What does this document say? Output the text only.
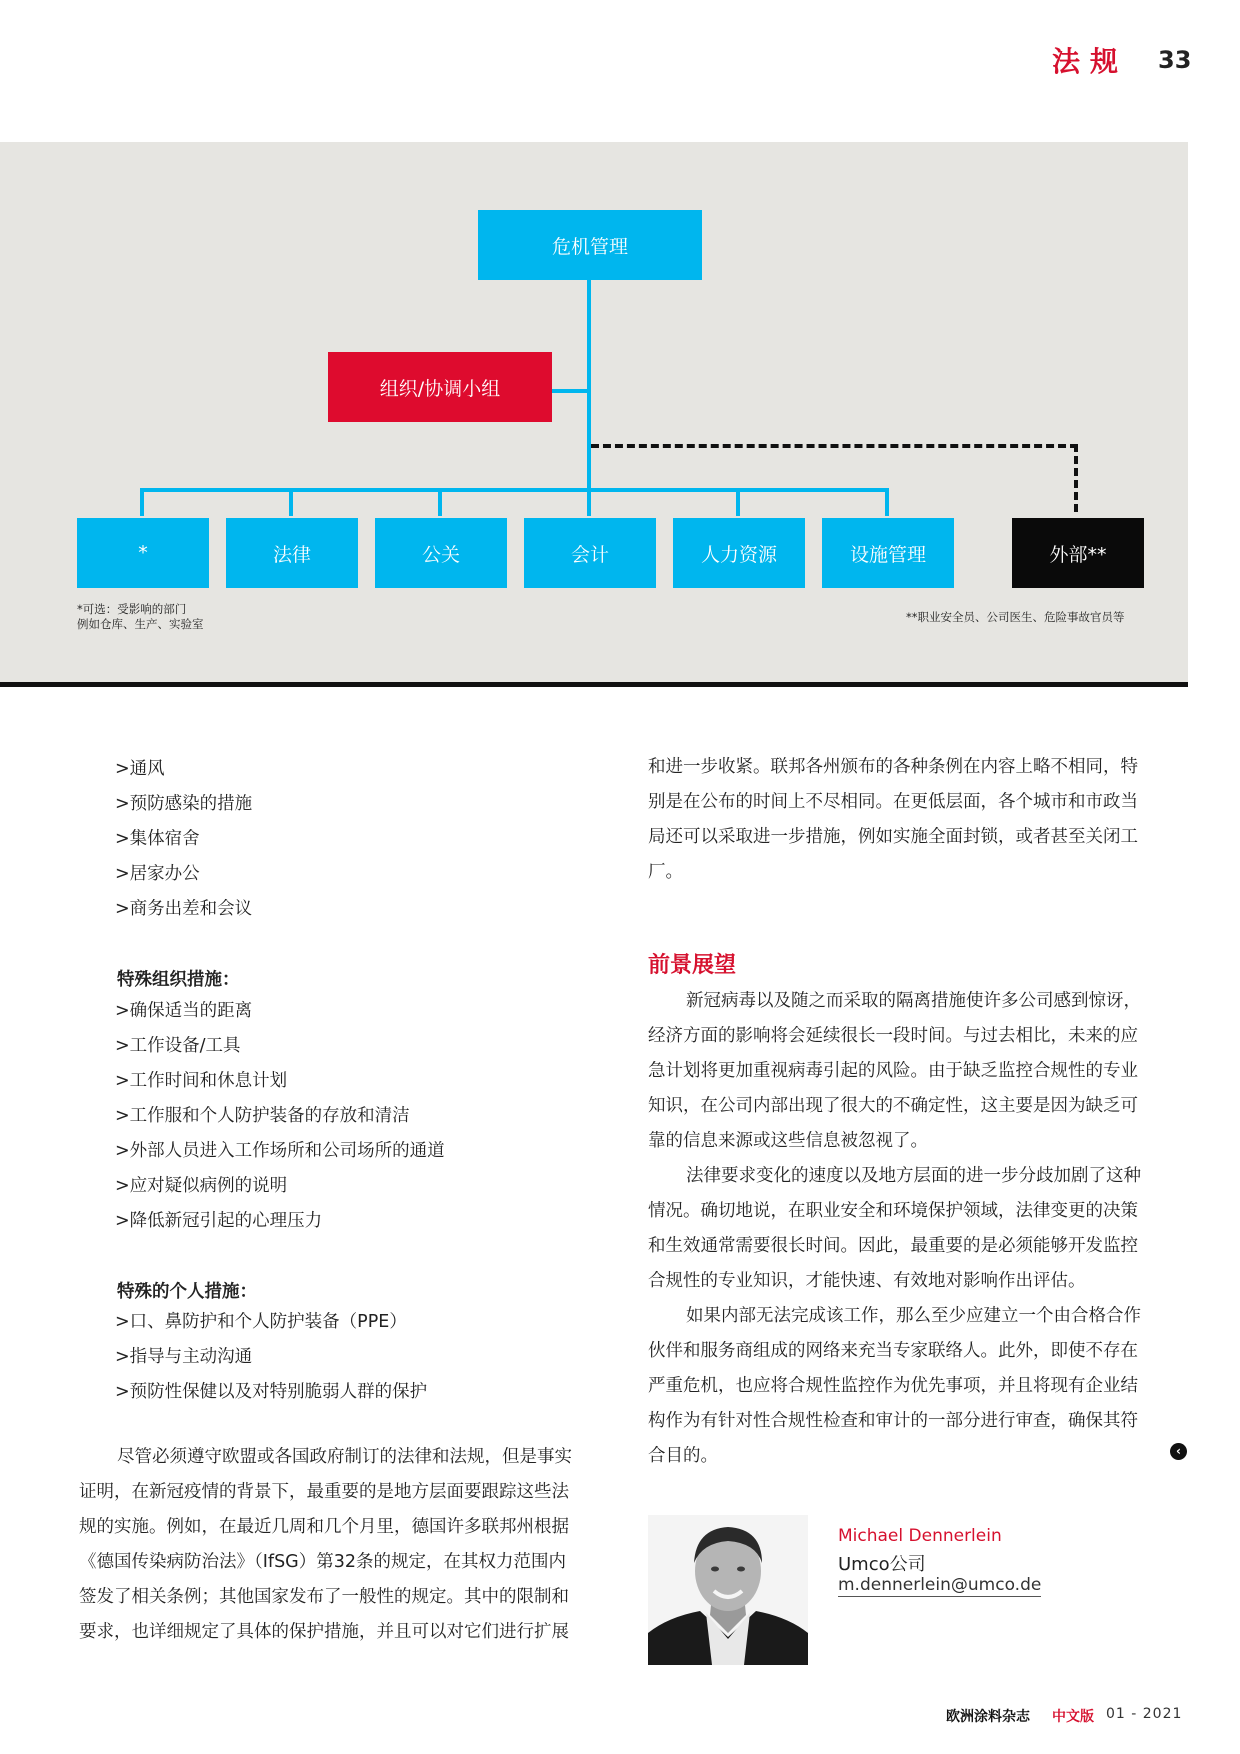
法规 33
危机管理
组织/协调小组
*	法律	公关	会计	人力资源	设施管理	外部**
*可选：受影响的部门
例如仓库、生产、实验室	**职业安全员、公司医生、危险事故官员等
>通风
>预防感染的措施
>集体宿舍
>居家办公
>商务出差和会议
特殊组织措施：
>确保适当的距离
>工作设备/工具
>工作时间和休息计划
>工作服和个人防护装备的存放和清洁
>外部人员进入工作场所和公司场所的通道
>应对疑似病例的说明
>降低新冠引起的心理压力
特殊的个人措施：
>口、鼻防护和个人防护装备（PPE）
>指导与主动沟通
>预防性保健以及对特别脆弱人群的保护
尽管必须遵守欧盟或各国政府制订的法律和法规，但是事实
证明，在新冠疫情的背景下，最重要的是地方层面要跟踪这些法
规的实施。例如，在最近几周和几个月里，德国许多联邦州根据
《德国传染病防治法》（IfSG）第32条的规定，在其权力范围内
签发了相关条例；其他国家发布了一般性的规定。其中的限制和
要求，也详细规定了具体的保护措施，并且可以对它们进行扩展
和进一步收紧。联邦各州颁布的各种条例在内容上略不相同，特
别是在公布的时间上不尽相同。在更低层面，各个城市和市政当
局还可以采取进一步措施，例如实施全面封锁，或者甚至关闭工
厂。
前景展望
新冠病毒以及随之而采取的隔离措施使许多公司感到惊讶，
经济方面的影响将会延续很长一段时间。与过去相比，未来的应
急计划将更加重视病毒引起的风险。由于缺乏监控合规性的专业
知识，在公司内部出现了很大的不确定性，这主要是因为缺乏可
靠的信息来源或这些信息被忽视了。
法律要求变化的速度以及地方层面的进一步分歧加剧了这种
情况。确切地说，在职业安全和环境保护领域，法律变更的决策
和生效通常需要很长时间。因此，最重要的是必须能够开发监控
合规性的专业知识，才能快速、有效地对影响作出评估。
如果内部无法完成该工作，那么至少应建立一个由合格合作
伙伴和服务商组成的网络来充当专家联络人。此外，即使不存在
严重危机，也应将合规性监控作为优先事项，并且将现有企业结
构作为有针对性合规性检查和审计的一部分进行审查，确保其符
合目的。	‹
Michael Dennerlein
Umco公司
m.dennerlein@umco.de
欧洲涂料杂志 中文版 01 - 2021
